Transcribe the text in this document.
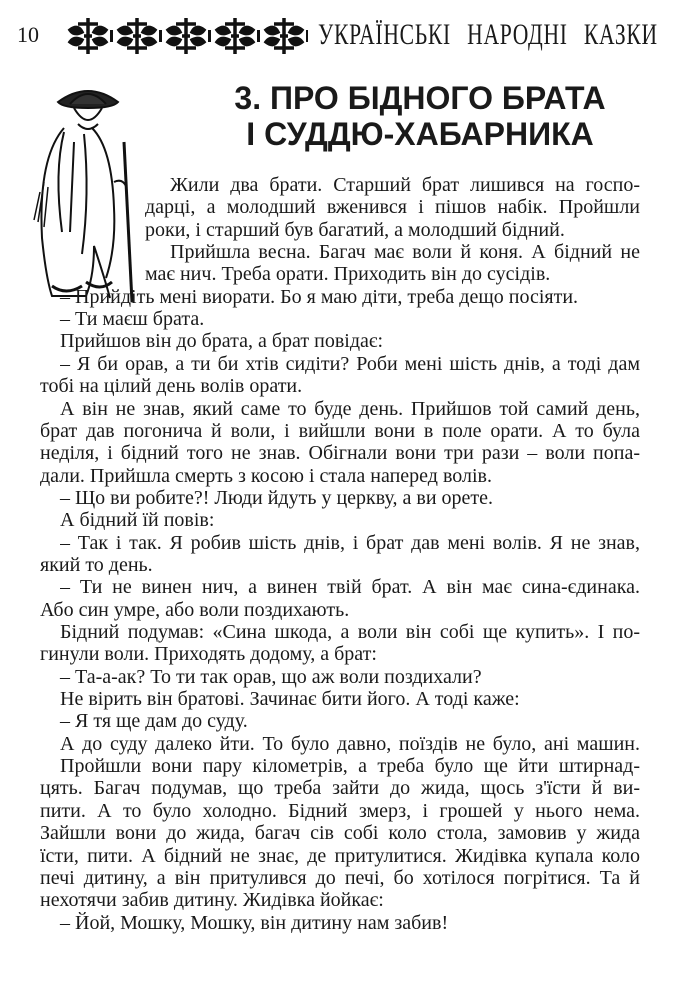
10	УКРАЇНСЬКІ НАРОДНІ КАЗКИ
3. ПРО БІДНОГО БРАТА
І СУДДЮ-ХАБАРНИКА
Жили два брати. Старший брат лишився на госпо-
дарці, а молодший вженився і пішов набік. Пройшли
роки, і старший був багатий, а молодший бідний.
Прийшла весна. Багач має воли й коня. А бідний не
має нич. Треба орати. Приходить він до сусідів.
– Прийдіть мені виорати. Бо я маю діти, треба дещо посіяти.
– Ти маєш брата.
Прийшов він до брата, а брат повідає:
– Я би орав, а ти би хтів сидіти? Роби мені шість днів, а тоді дам
тобі на цілий день волів орати.
А він не знав, який саме то буде день. Прийшов той самий день,
брат дав погонича й воли, і вийшли вони в поле орати. А то була
неділя, і бідний того не знав. Обігнали вони три рази – воли попа-
дали. Прийшла смерть з косою і стала наперед волів.
– Що ви робите?! Люди йдуть у церкву, а ви орете.
А бідний їй повів:
– Так і так. Я робив шість днів, і брат дав мені волів. Я не знав,
який то день.
– Ти не винен нич, а винен твій брат. А він має сина-єдинака.
Або син умре, або воли поздихають.
Бідний подумав: «Сина шкода, а воли він собі ще купить». І по-
гинули воли. Приходять додому, а брат:
– Та-а-ак? То ти так орав, що аж воли поздихали?
Не вірить він братові. Зачинає бити його. А тоді каже:
– Я тя ще дам до суду.
А до суду далеко йти. То було давно, поїздів не було, ані машин.
Пройшли вони пару кілометрів, а треба було ще йти штирнад-
цять. Багач подумав, що треба зайти до жида, щось з'їсти й ви-
пити. А то було холодно. Бідний змерз, і грошей у нього нема.
Зайшли вони до жида, багач сів собі коло стола, замовив у жида
їсти, пити. А бідний не знає, де притулитися. Жидівка купала коло
печі дитину, а він притулився до печі, бо хотілося погрітися. Та й
нехотячи забив дитину. Жидівка йойкає:
– Йой, Мошку, Мошку, він дитину нам забив!
